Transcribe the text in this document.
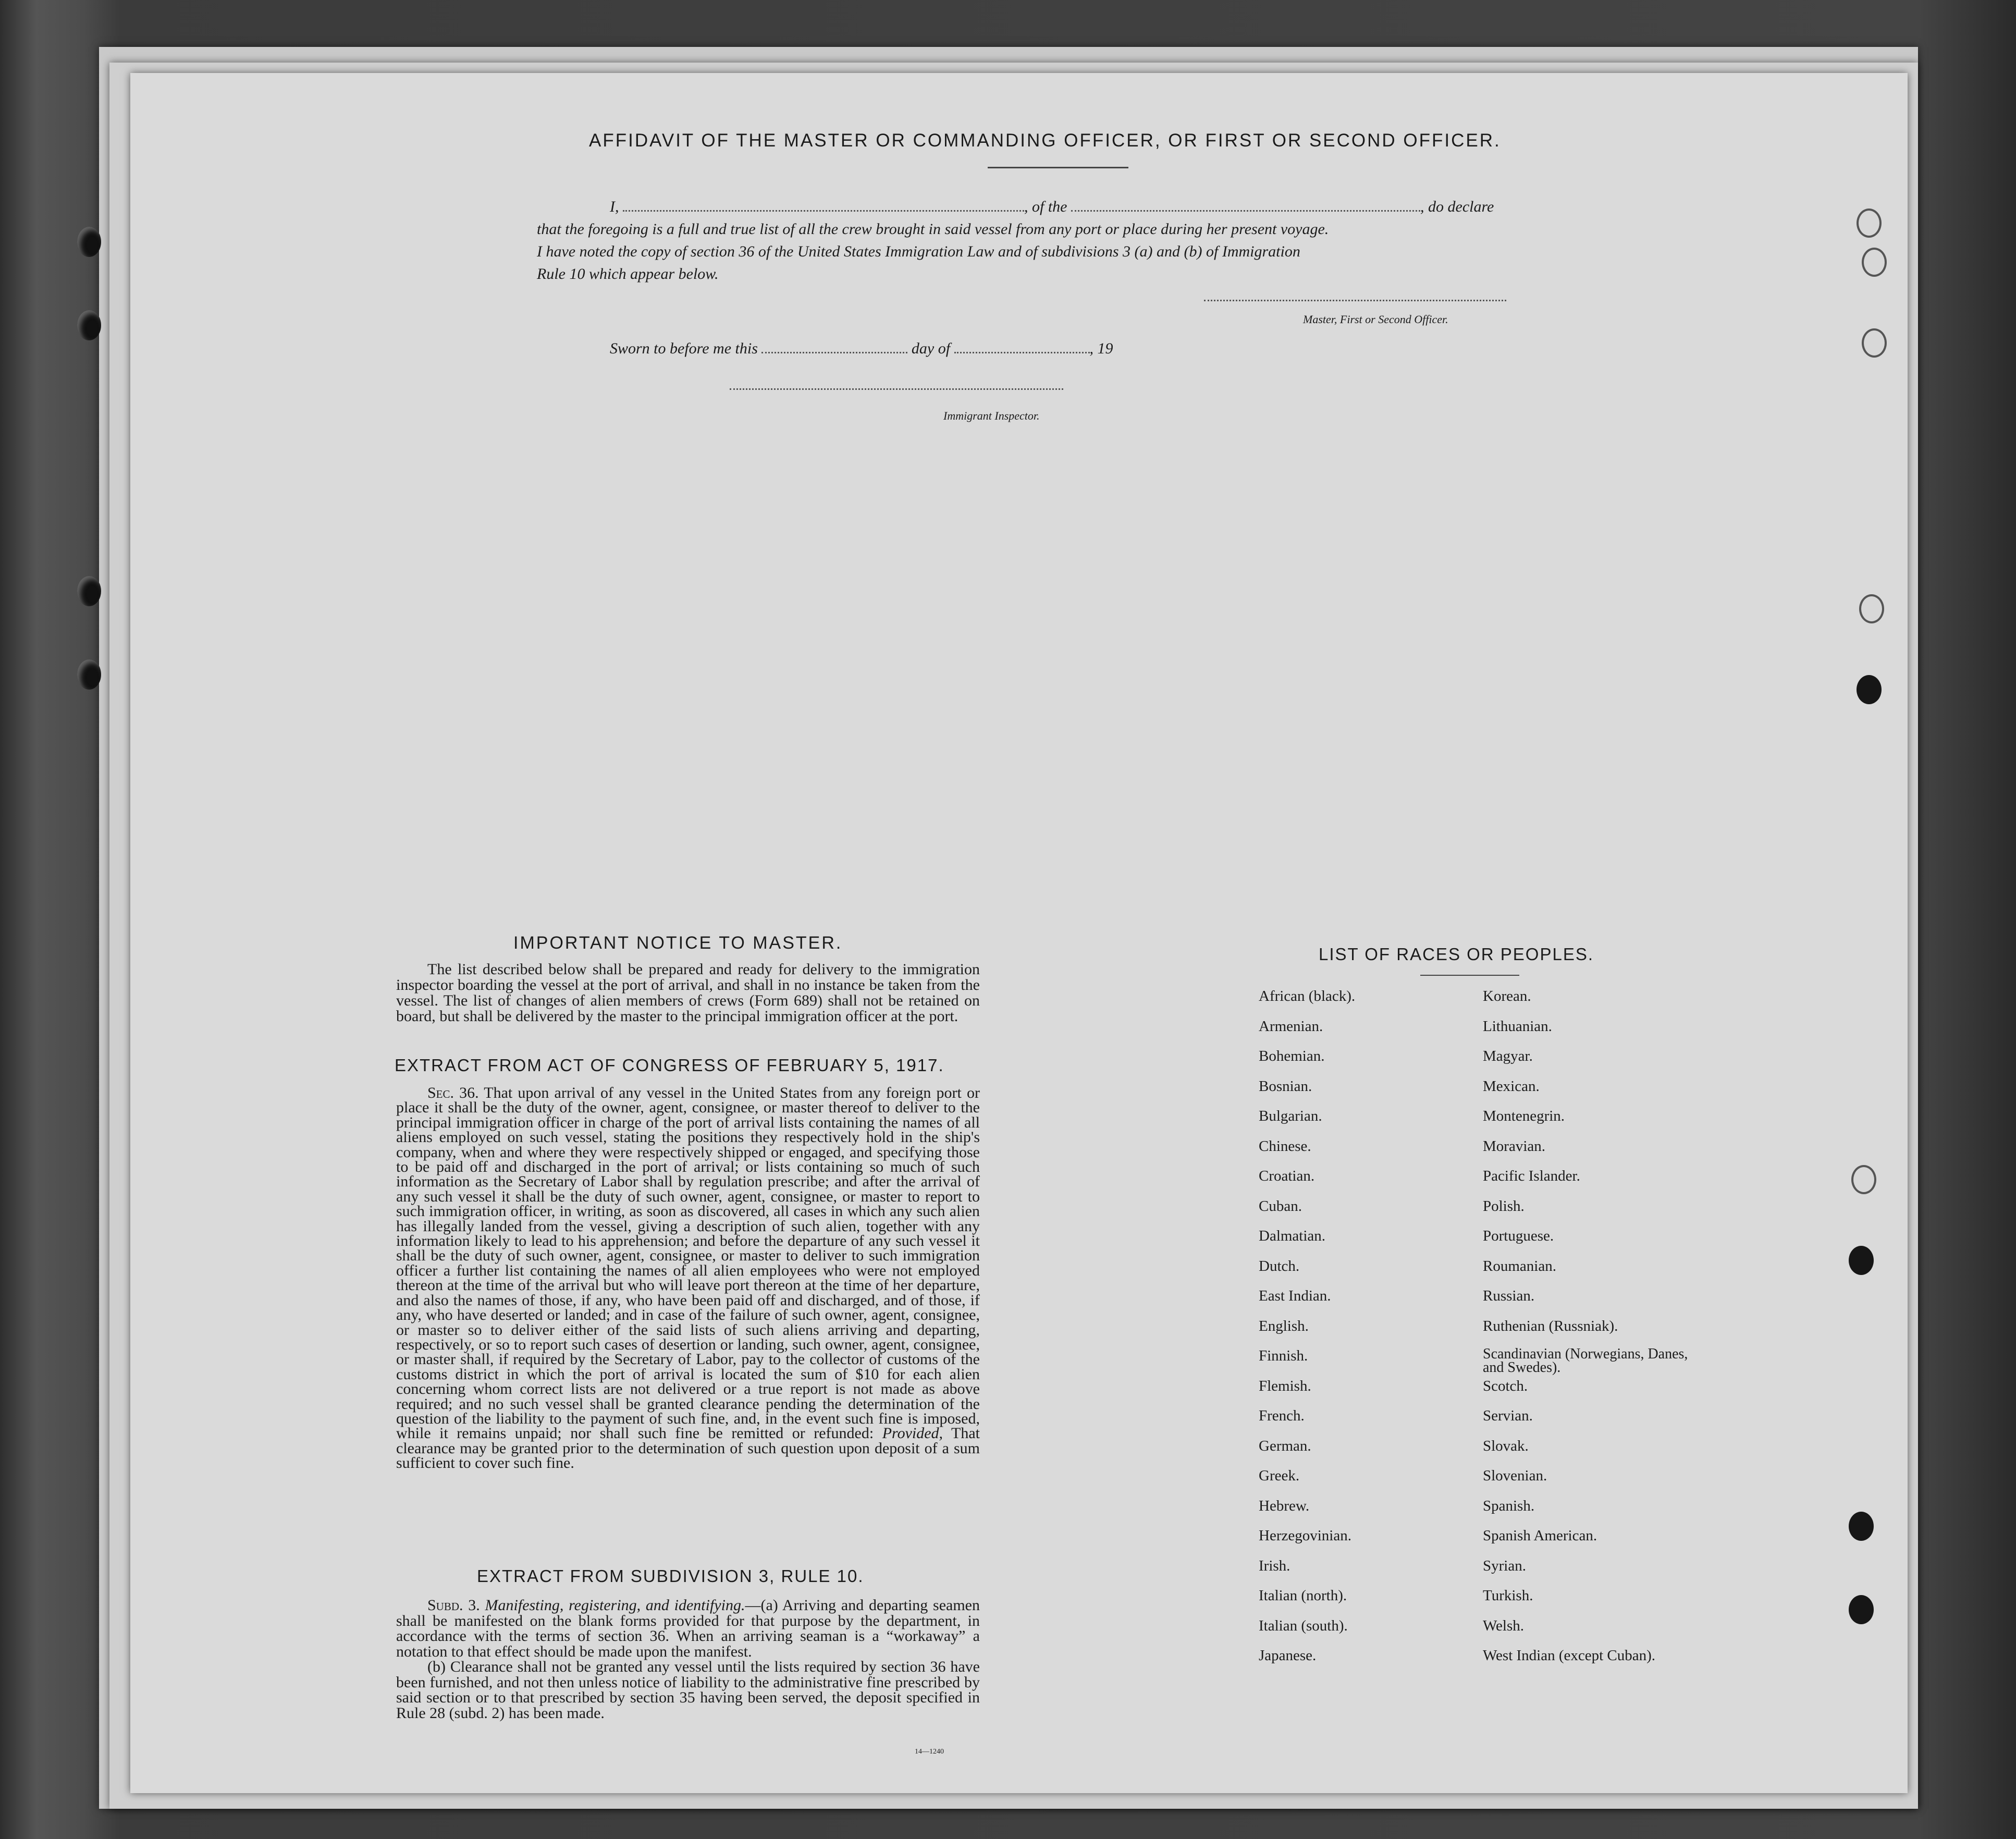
AFFIDAVIT OF THE MASTER OR COMMANDING OFFICER, OR FIRST OR SECOND OFFICER.
I,	, of the	, do declare
that the foregoing is a full and true list of all the crew brought in said vessel from any port or place during her present voyage.
I have noted the copy of section 36 of the United States Immigration Law and of subdivisions 3 (a) and (b) of Immigration
Rule 10 which appear below.
Master, First or Second Officer.
Sworn to before me this	day of	, 19
Immigrant Inspector.
IMPORTANT NOTICE TO MASTER.

The list described below shall be prepared and ready for delivery to the immigration inspector boarding the vessel at the port of arrival, and shall in no instance be taken from the vessel. The list of changes of alien members of crews (Form 689) shall not be retained on board, but shall be delivered by the master to the principal immigration officer at the port.

EXTRACT FROM ACT OF CONGRESS OF FEBRUARY 5, 1917.

Sec. 36. That upon arrival of any vessel in the United States from any foreign port or place it shall be the duty of the owner, agent, consignee, or master thereof to deliver to the principal immigration officer in charge of the port of arrival lists containing the names of all aliens employed on such vessel, stating the positions they respectively hold in the ship's company, when and where they were respectively shipped or engaged, and specifying those to be paid off and discharged in the port of arrival; or lists containing so much of such information as the Secretary of Labor shall by regulation prescribe; and after the arrival of any such vessel it shall be the duty of such owner, agent, consignee, or master to report to such immigration officer, in writing, as soon as discovered, all cases in which any such alien has illegally landed from the vessel, giving a description of such alien, together with any information likely to lead to his apprehension; and before the departure of any such vessel it shall be the duty of such owner, agent, consignee, or master to deliver to such immigration officer a further list containing the names of all alien employees who were not employed thereon at the time of the arrival but who will leave port thereon at the time of her departure, and also the names of those, if any, who have been paid off and discharged, and of those, if any, who have deserted or landed; and in case of the failure of such owner, agent, consignee, or master so to deliver either of the said lists of such aliens arriving and departing, respectively, or so to report such cases of desertion or landing, such owner, agent, consignee, or master shall, if required by the Secretary of Labor, pay to the collector of customs of the customs district in which the port of arrival is located the sum of $10 for each alien concerning whom correct lists are not delivered or a true report is not made as above required; and no such vessel shall be granted clearance pending the determination of the question of the liability to the payment of such fine, and, in the event such fine is imposed, while it remains unpaid; nor shall such fine be remitted or refunded: Provided, That clearance may be granted prior to the determination of such question upon deposit of a sum sufficient to cover such fine.

EXTRACT FROM SUBDIVISION 3, RULE 10.

Subd. 3. Manifesting, registering, and identifying.—(a) Arriving and departing seamen shall be manifested on the blank forms provided for that purpose by the department, in accordance with the terms of section 36. When an arriving seaman is a “workaway” a notation to that effect should be made upon the manifest.

(b) Clearance shall not be granted any vessel until the lists required by section 36 have been furnished, and not then unless notice of liability to the administrative fine prescribed by said section or to that prescribed by section 35 having been served, the deposit specified in Rule 28 (subd. 2) has been made.

14—1240
LIST OF RACES OR PEOPLES.
African (black).	Korean.
Armenian.	Lithuanian.
Bohemian.	Magyar.
Bosnian.	Mexican.
Bulgarian.	Montenegrin.
Chinese.	Moravian.
Croatian.	Pacific Islander.
Cuban.	Polish.
Dalmatian.	Portuguese.
Dutch.	Roumanian.
East Indian.	Russian.
English.	Ruthenian (Russniak).
Finnish.	Scandinavian (Norwegians, Danes, and Swedes).
Flemish.	Scotch.
French.	Servian.
German.	Slovak.
Greek.	Slovenian.
Hebrew.	Spanish.
Herzegovinian.	Spanish American.
Irish.	Syrian.
Italian (north).	Turkish.
Italian (south).	Welsh.
Japanese.	West Indian (except Cuban).
